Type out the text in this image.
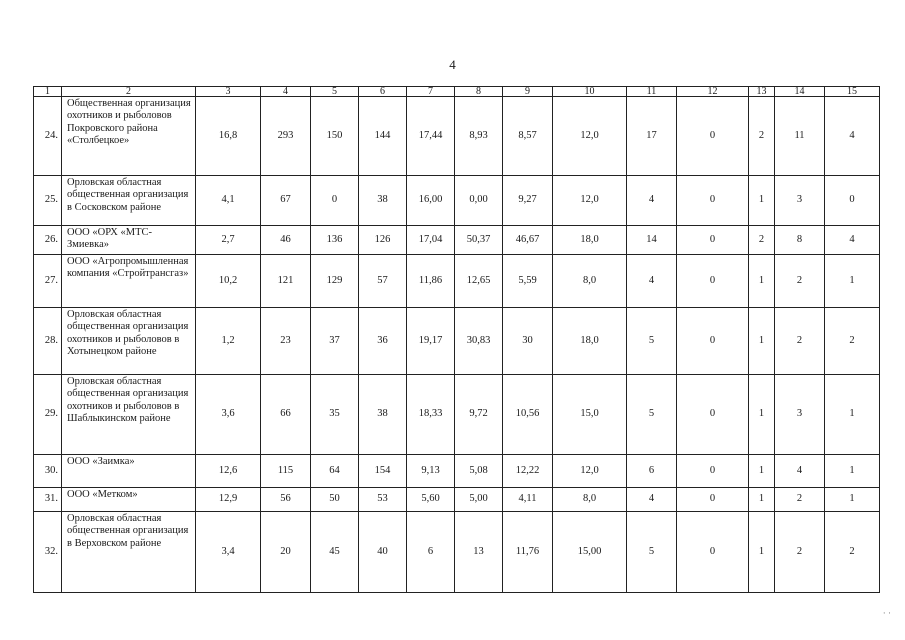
4
1	2	3	4	5	6	7	8	9	10	11	12	13	14	15
24.	Общественная организация охотников и рыболовов Покровского района «Столбецкое»	16,8	293	150	144	17,44	8,93	8,57	12,0	17	0	2	11	4
25.	Орловская областная общественная организация в Сосковском районе	4,1	67	0	38	16,00	0,00	9,27	12,0	4	0	1	3	0
26.	ООО «ОРХ «МТС-Змиевка»	2,7	46	136	126	17,04	50,37	46,67	18,0	14	0	2	8	4
27.	ООО «Агропромышленная компания «Стройтрансгаз»	10,2	121	129	57	11,86	12,65	5,59	8,0	4	0	1	2	1
28.	Орловская областная общественная организация охотников и рыболовов в Хотынецком районе	1,2	23	37	36	19,17	30,83	30	18,0	5	0	1	2	2
29.	Орловская областная общественная организация охотников и рыболовов в Шаблыкинском районе	3,6	66	35	38	18,33	9,72	10,56	15,0	5	0	1	3	1
30.	ООО «Заимка»	12,6	115	64	154	9,13	5,08	12,22	12,0	6	0	1	4	1
31.	ООО «Метком»	12,9	56	50	53	5,60	5,00	4,11	8,0	4	0	1	2	1
32.	Орловская областная общественная организация в Верховском районе	3,4	20	45	40	6	13	11,76	15,00	5	0	1	2	2
· ·
